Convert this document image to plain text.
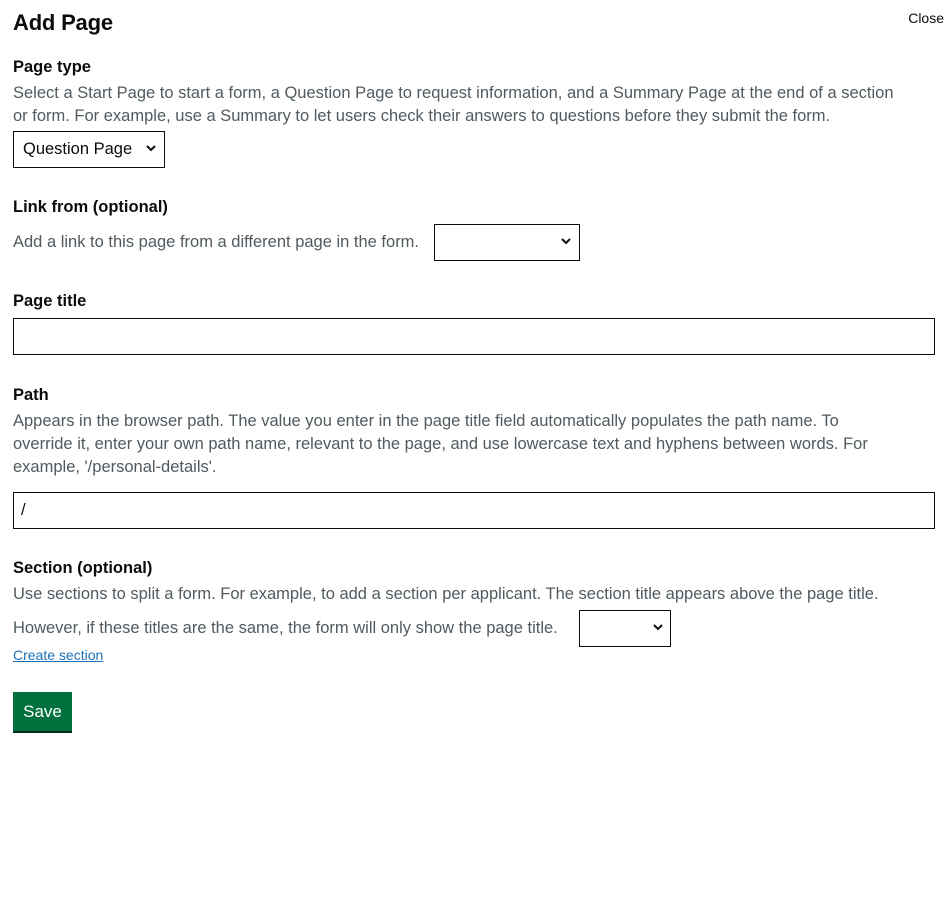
Close
Add Page
Page type
Select a Start Page to start a form, a Question Page to request information, and a Summary Page at the end of a section
or form. For example, use a Summary to let users check their answers to questions before they submit the form.
Question Page
Link from (optional)
Add a link to this page from a different page in the form.
Page title
Path
Appears in the browser path. The value you enter in the page title field automatically populates the path name. To
override it, enter your own path name, relevant to the page, and use lowercase text and hyphens between words. For
example, '/personal-details'.
/
Section (optional)
Use sections to split a form. For example, to add a section per applicant. The section title appears above the page title.
However, if these titles are the same, the form will only show the page title.
Create section
Save
